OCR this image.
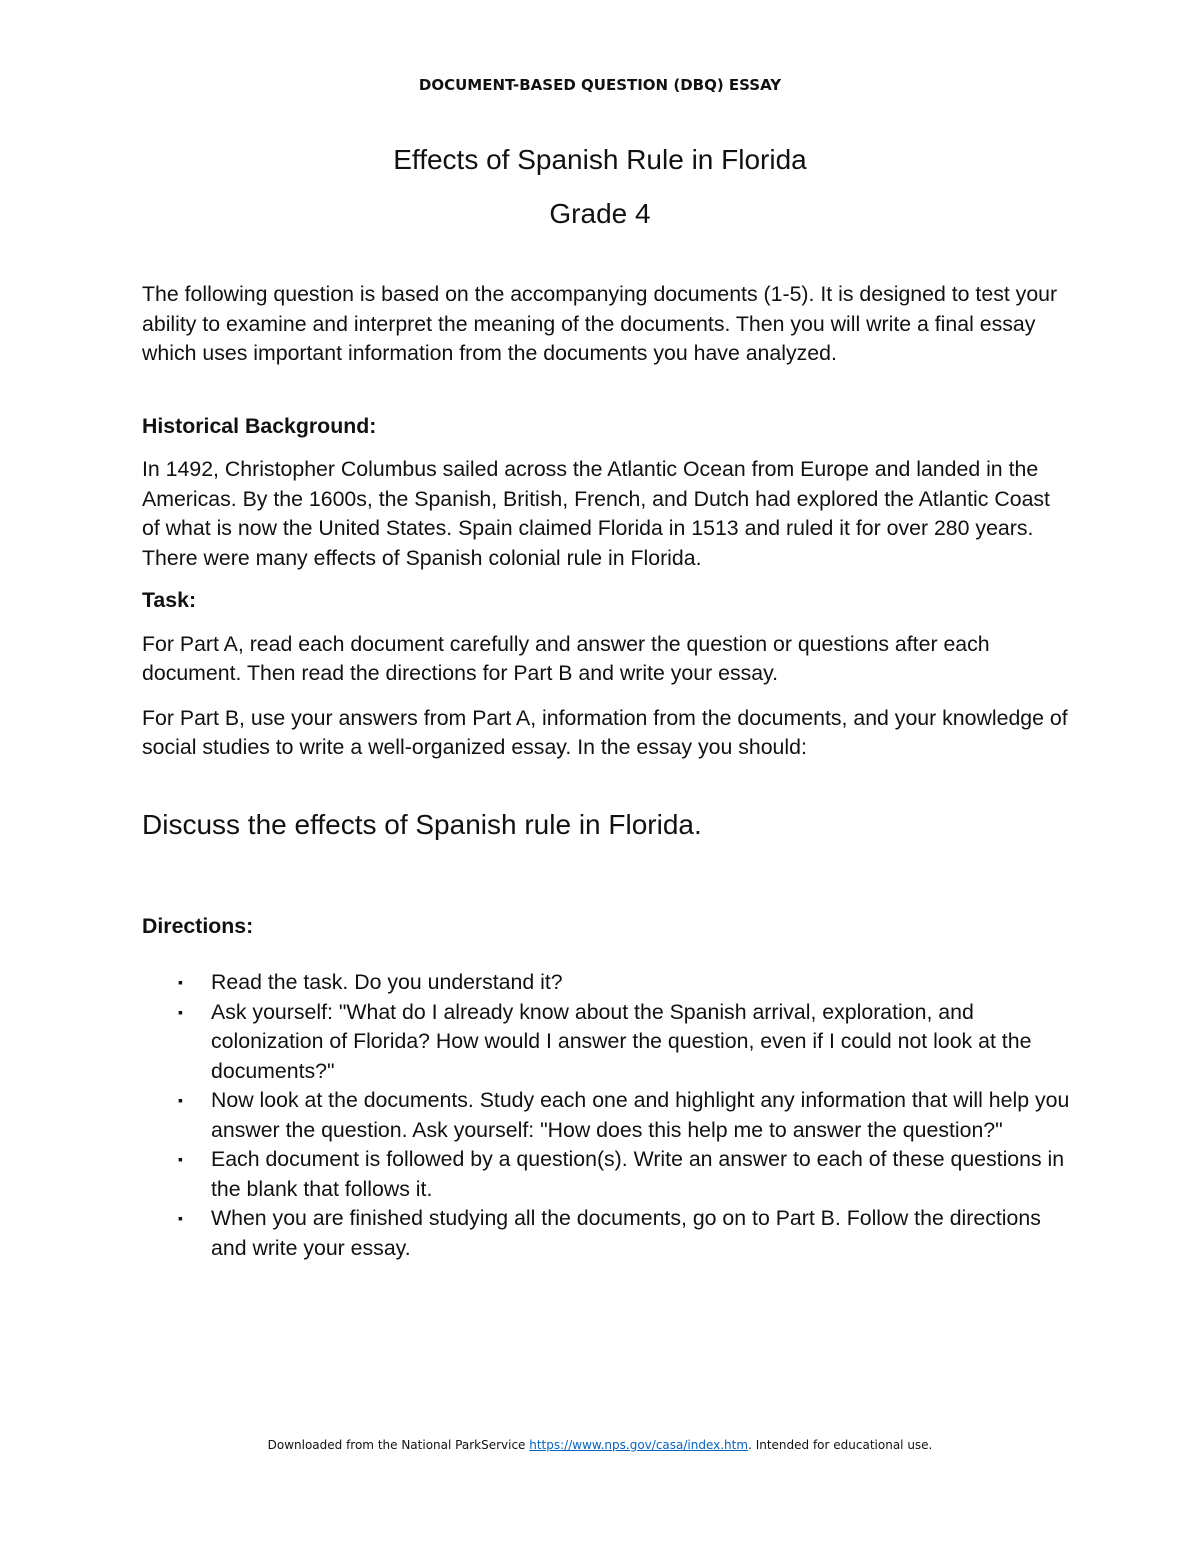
DOCUMENT-BASED QUESTION (DBQ) ESSAY
Effects of Spanish Rule in Florida
Grade 4

The following question is based on the accompanying documents (1-5). It is designed to test your ability to examine and interpret the meaning of the documents. Then you will write a final essay which uses important information from the documents you have analyzed.

Historical Background:

In 1492, Christopher Columbus sailed across the Atlantic Ocean from Europe and landed in the Americas. By the 1600s, the Spanish, British, French, and Dutch had explored the Atlantic Coast of what is now the United States. Spain claimed Florida in 1513 and ruled it for over 280 years. There were many effects of Spanish colonial rule in Florida.

Task:

For Part A, read each document carefully and answer the question or questions after each document. Then read the directions for Part B and write your essay.

For Part B, use your answers from Part A, information from the documents, and your knowledge of social studies to write a well-organized essay. In the essay you should:

Discuss the effects of Spanish rule in Florida.

Directions:

▪ Read the task. Do you understand it?
▪ Ask yourself: "What do I already know about the Spanish arrival, exploration, and colonization of Florida? How would I answer the question, even if I could not look at the documents?"
▪ Now look at the documents. Study each one and highlight any information that will help you answer the question. Ask yourself: "How does this help me to answer the question?"
▪ Each document is followed by a question(s). Write an answer to each of these questions in the blank that follows it.
▪ When you are finished studying all the documents, go on to Part B. Follow the directions and write your essay.
Downloaded from the National ParkService https://www.nps.gov/casa/index.htm. Intended for educational use.
